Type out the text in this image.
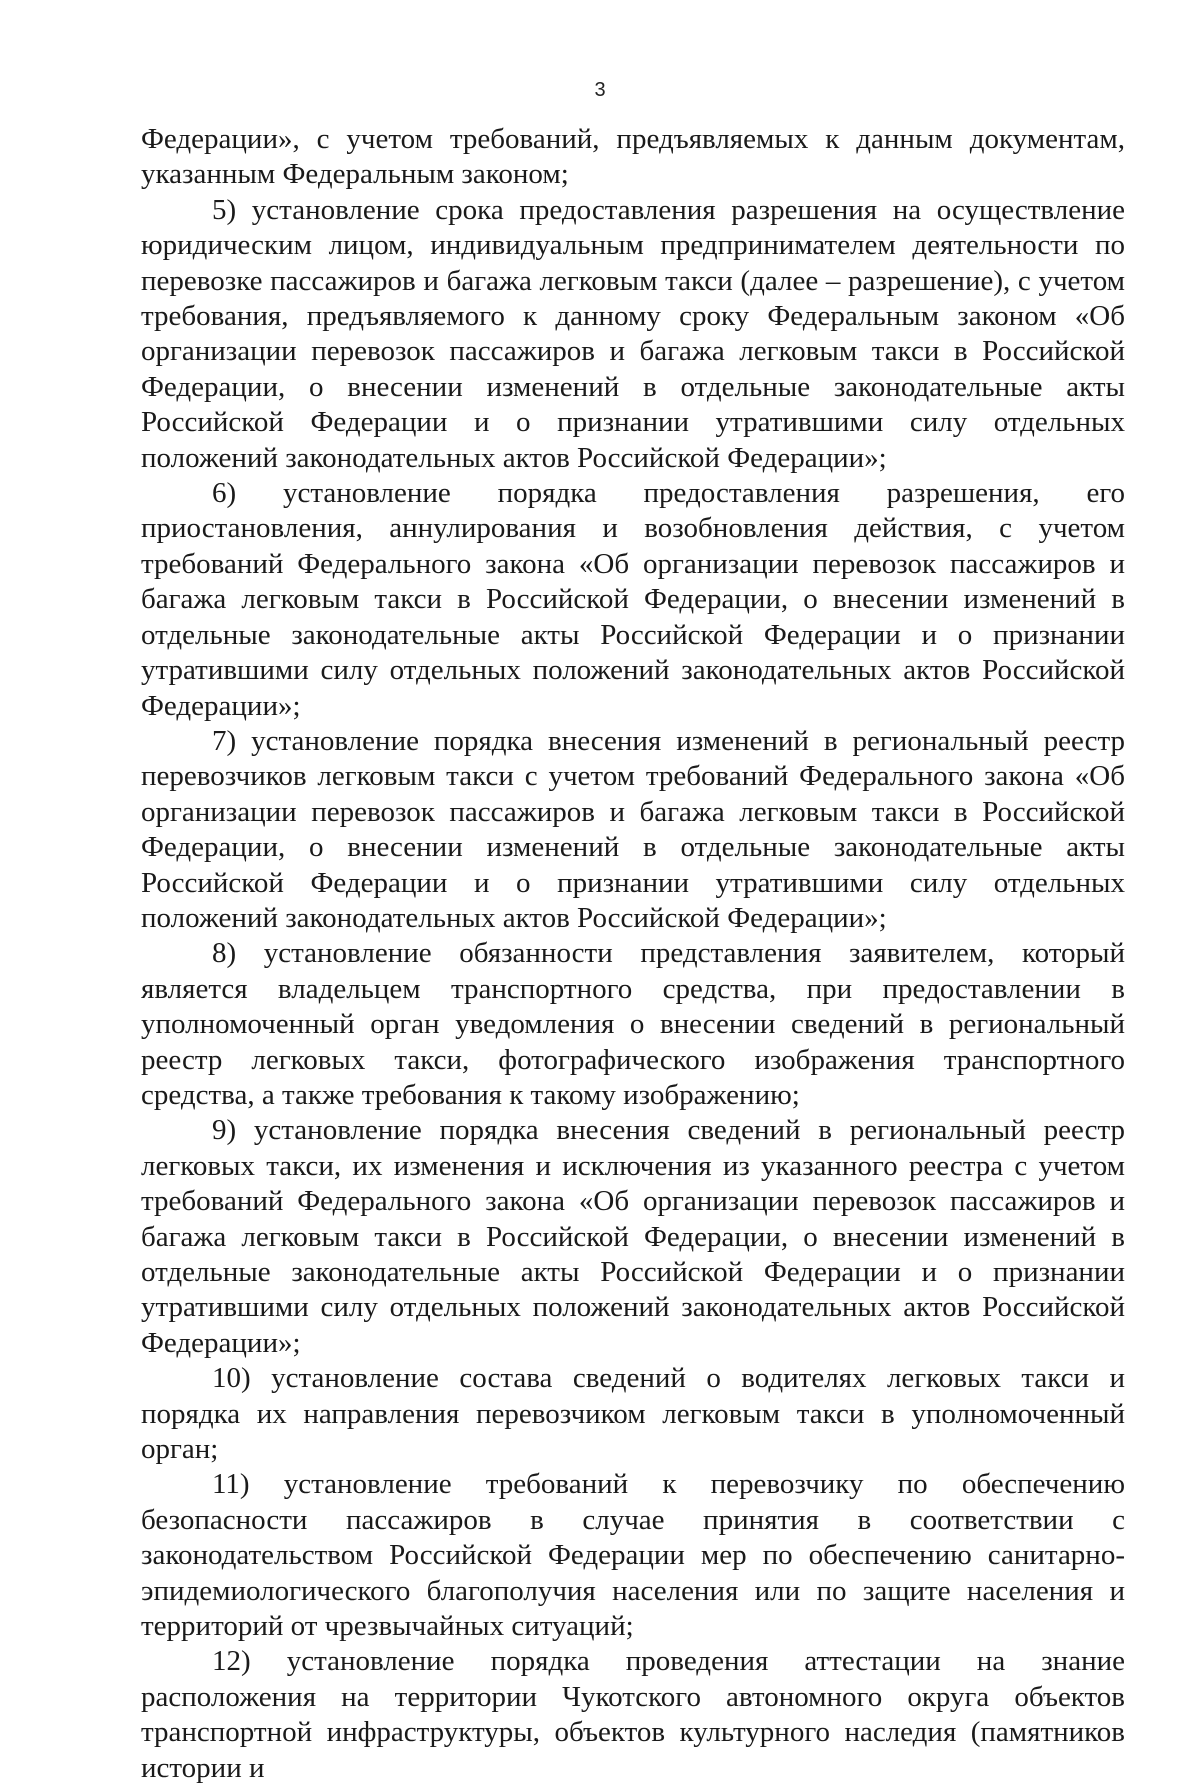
3

Федерации», с учетом требований, предъявляемых к данным документам, указанным Федеральным законом;

5) установление срока предоставления разрешения на осуществление юридическим лицом, индивидуальным предпринимателем деятельности по перевозке пассажиров и багажа легковым такси (далее – разрешение), с учетом требования, предъявляемого к данному сроку Федеральным законом «Об организации перевозок пассажиров и багажа легковым такси в Российской Федерации, о внесении изменений в отдельные законодательные акты Российской Федерации и о признании утратившими силу отдельных положений законодательных актов Российской Федерации»;

6) установление порядка предоставления разрешения, его приостановления, аннулирования и возобновления действия, с учетом требований Федерального закона «Об организации перевозок пассажиров и багажа легковым такси в Российской Федерации, о внесении изменений в отдельные законодательные акты Российской Федерации и о признании утратившими силу отдельных положений законодательных актов Российской Федерации»;

7) установление порядка внесения изменений в региональный реестр перевозчиков легковым такси с учетом требований Федерального закона «Об организации перевозок пассажиров и багажа легковым такси в Российской Федерации, о внесении изменений в отдельные законодательные акты Российской Федерации и о признании утратившими силу отдельных положений законодательных актов Российской Федерации»;

8) установление обязанности представления заявителем, который является владельцем транспортного средства, при предоставлении в уполномоченный орган уведомления о внесении сведений в региональный реестр легковых такси, фотографического изображения транспортного средства, а также требования к такому изображению;

9) установление порядка внесения сведений в региональный реестр легковых такси, их изменения и исключения из указанного реестра с учетом требований Федерального закона «Об организации перевозок пассажиров и багажа легковым такси в Российской Федерации, о внесении изменений в отдельные законодательные акты Российской Федерации и о признании утратившими силу отдельных положений законодательных актов Российской Федерации»;

10) установление состава сведений о водителях легковых такси и порядка их направления перевозчиком легковым такси в уполномоченный орган;

11) установление требований к перевозчику по обеспечению безопасности пассажиров в случае принятия в соответствии с законодательством Российской Федерации мер по обеспечению санитарно-эпидемиологического благополучия населения или по защите населения и территорий от чрезвычайных ситуаций;

12) установление порядка проведения аттестации на знание расположения на территории Чукотского автономного округа объектов транспортной инфраструктуры, объектов культурного наследия (памятников истории и
